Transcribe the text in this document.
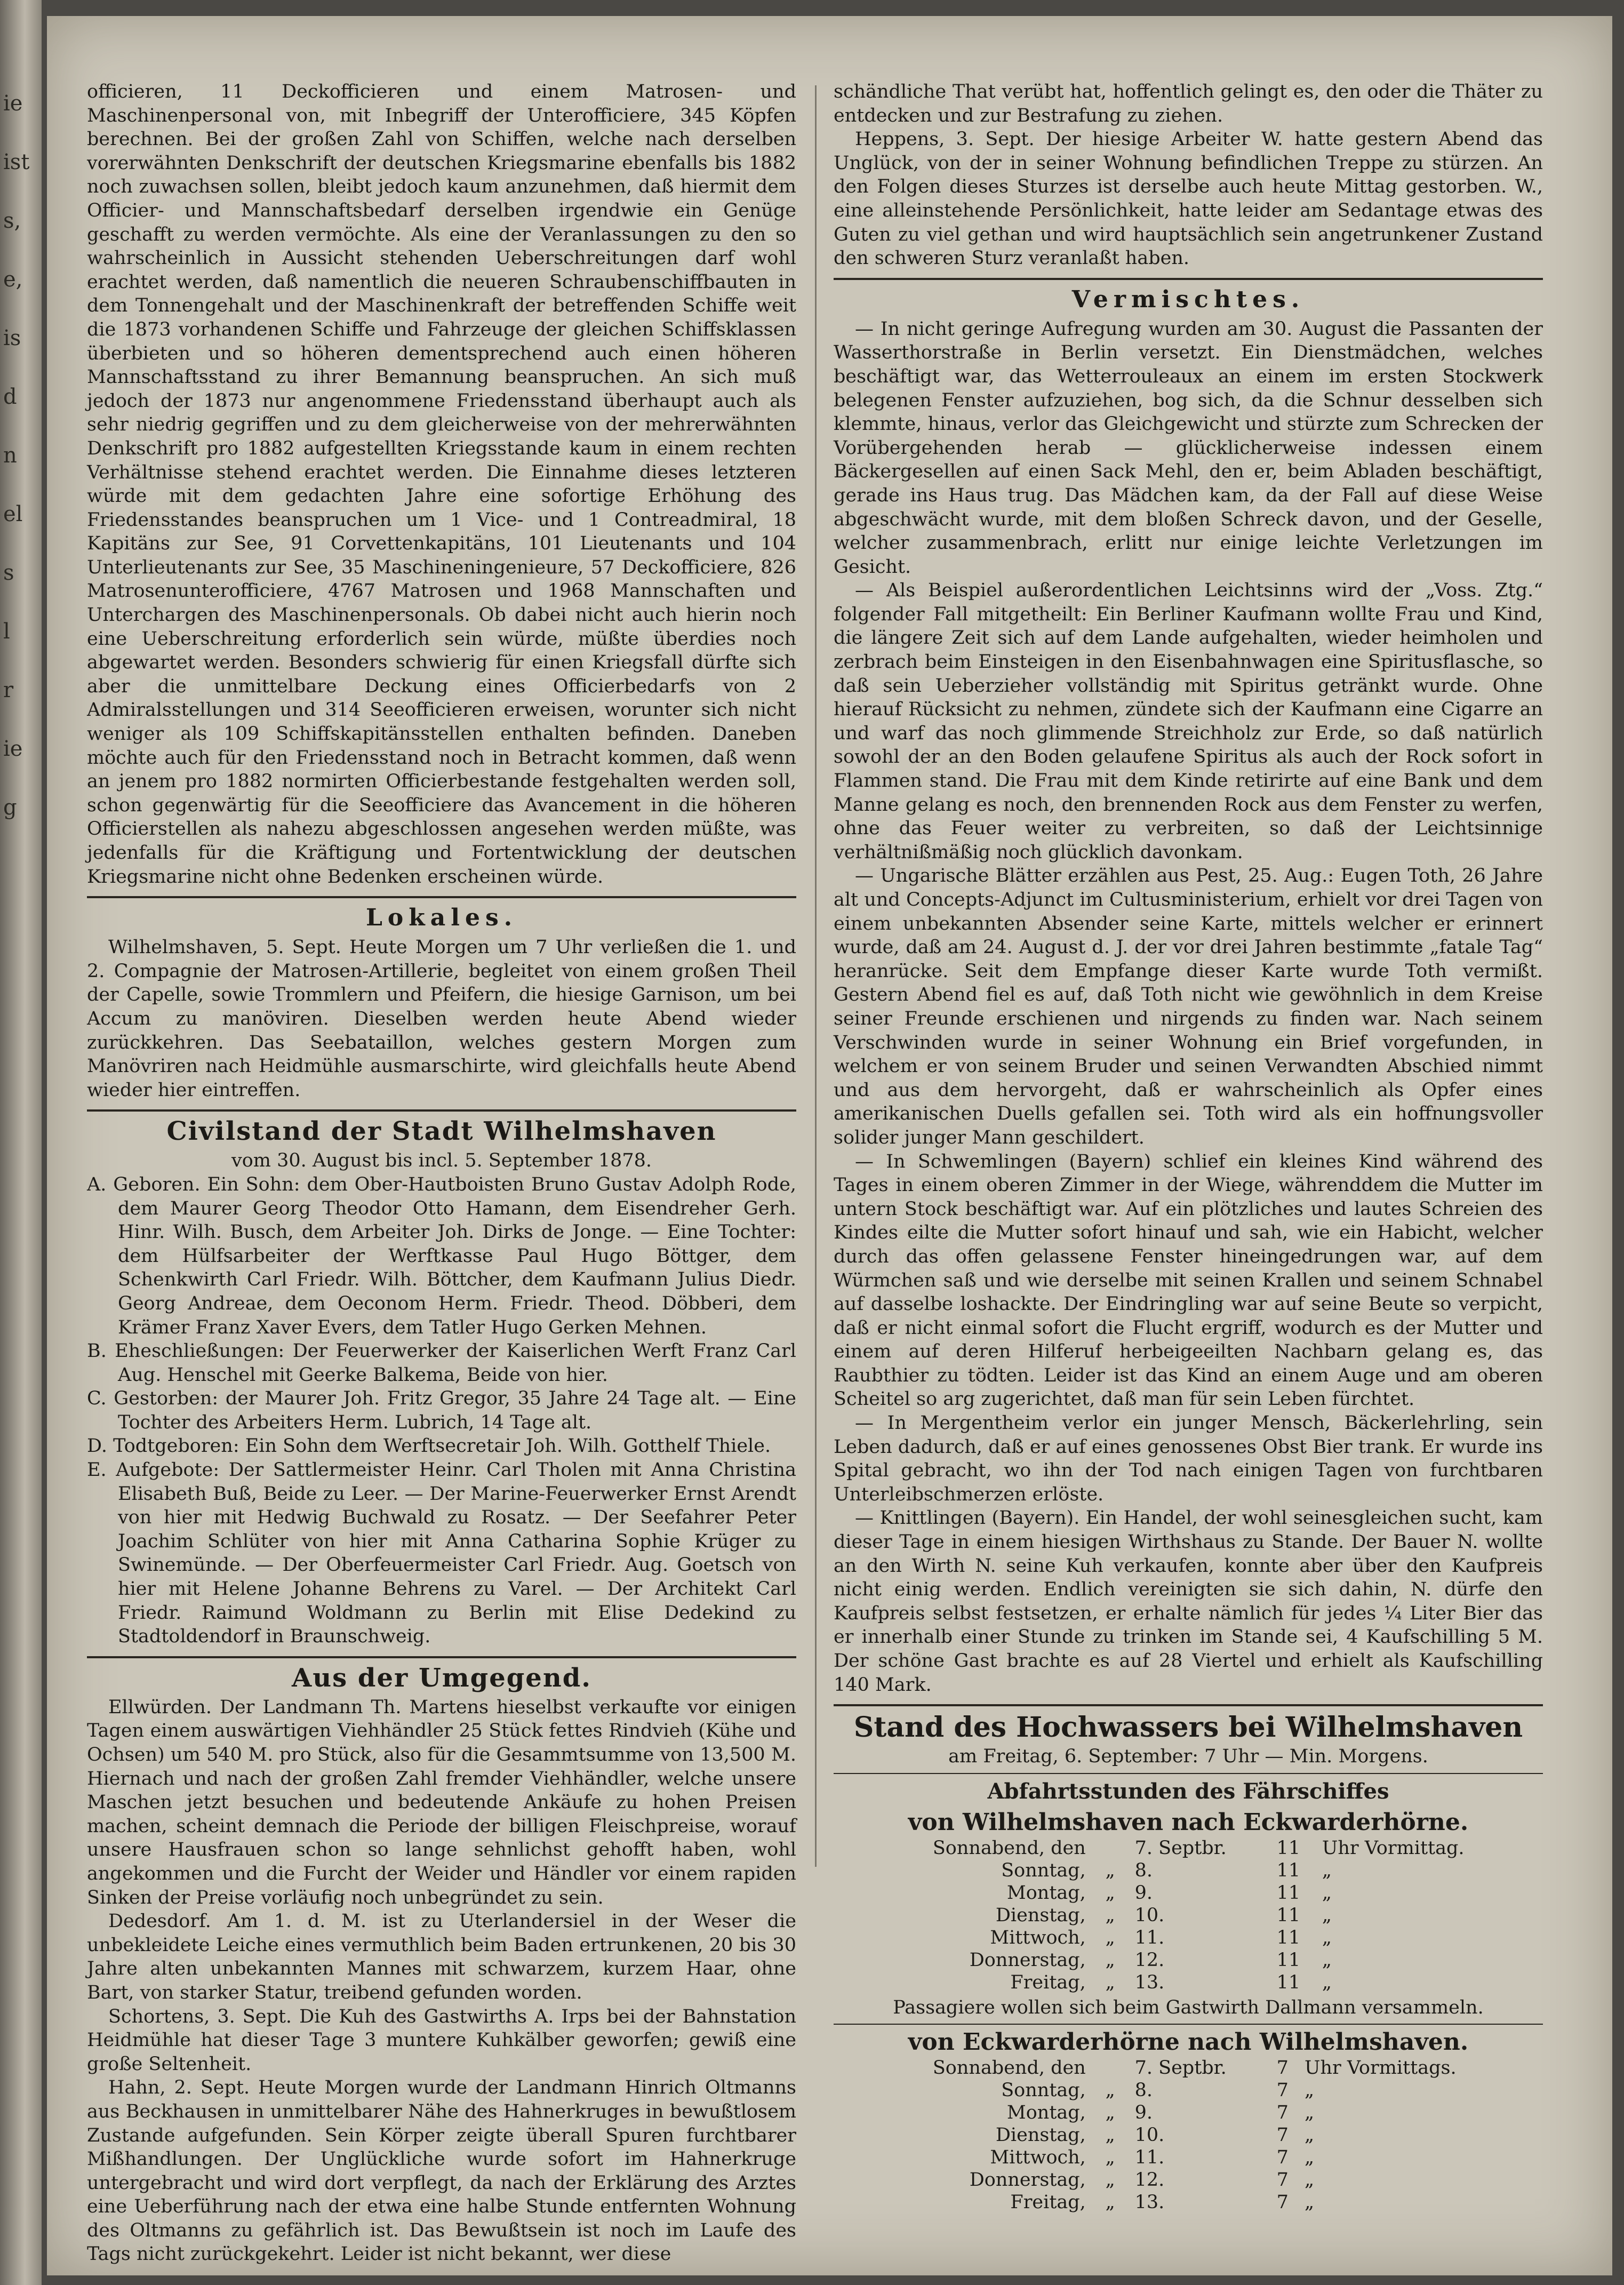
ie
ist
s,
e,
is
d
n
el
s
l
r
ie
g

officieren, 11 Deckofficieren und einem Matrosen- und Maschinenpersonal von, mit Inbegriff der Unterofficiere, 345 Köpfen berechnen. Bei der großen Zahl von Schiffen, welche nach derselben vorerwähnten Denkschrift der deutschen Kriegsmarine ebenfalls bis 1882 noch zuwachsen sollen, bleibt jedoch kaum anzunehmen, daß hiermit dem Officier- und Mannschaftsbedarf derselben irgendwie ein Genüge geschafft zu werden vermöchte. Als eine der Veranlassungen zu den so wahrscheinlich in Aussicht stehenden Ueberschreitungen darf wohl erachtet werden, daß namentlich die neueren Schraubenschiffbauten in dem Tonnengehalt und der Maschinenkraft der betreffenden Schiffe weit die 1873 vorhandenen Schiffe und Fahrzeuge der gleichen Schiffsklassen überbieten und so höheren dementsprechend auch einen höheren Mannschaftsstand zu ihrer Bemannung beanspruchen. An sich muß jedoch der 1873 nur angenommene Friedensstand überhaupt auch als sehr niedrig gegriffen und zu dem gleicherweise von der mehrerwähnten Denkschrift pro 1882 aufgestellten Kriegsstande kaum in einem rechten Verhältnisse stehend erachtet werden. Die Einnahme dieses letzteren würde mit dem gedachten Jahre eine sofortige Erhöhung des Friedensstandes beanspruchen um 1 Vice- und 1 Contreadmiral, 18 Kapitäns zur See, 91 Corvettenkapitäns, 101 Lieutenants und 104 Unterlieutenants zur See, 35 Maschineningenieure, 57 Deckofficiere, 826 Matrosenunterofficiere, 4767 Matrosen und 1968 Mannschaften und Unterchargen des Maschinenpersonals. Ob dabei nicht auch hierin noch eine Ueberschreitung erforderlich sein würde, müßte überdies noch abgewartet werden. Besonders schwierig für einen Kriegsfall dürfte sich aber die unmittelbare Deckung eines Officierbedarfs von 2 Admiralsstellungen und 314 Seeofficieren erweisen, worunter sich nicht weniger als 109 Schiffskapitänsstellen enthalten befinden. Daneben möchte auch für den Friedensstand noch in Betracht kommen, daß wenn an jenem pro 1882 normirten Officierbestande festgehalten werden soll, schon gegenwärtig für die Seeofficiere das Avancement in die höheren Officierstellen als nahezu abgeschlossen angesehen werden müßte, was jedenfalls für die Kräftigung und Fortentwicklung der deutschen Kriegsmarine nicht ohne Bedenken erscheinen würde.

Lokales.

Wilhelmshaven, 5. Sept. Heute Morgen um 7 Uhr verließen die 1. und 2. Compagnie der Matrosen-Artillerie, begleitet von einem großen Theil der Capelle, sowie Trommlern und Pfeifern, die hiesige Garnison, um bei Accum zu manöviren. Dieselben werden heute Abend wieder zurückkehren. Das Seebataillon, welches gestern Morgen zum Manövriren nach Heidmühle ausmarschirte, wird gleichfalls heute Abend wieder hier eintreffen.

Civilstand der Stadt Wilhelmshaven

vom 30. August bis incl. 5. September 1878.

A. Geboren. Ein Sohn: dem Ober-Hautboisten Bruno Gustav Adolph Rode, dem Maurer Georg Theodor Otto Hamann, dem Eisendreher Gerh. Hinr. Wilh. Busch, dem Arbeiter Joh. Dirks de Jonge. — Eine Tochter: dem Hülfsarbeiter der Werftkasse Paul Hugo Böttger, dem Schenkwirth Carl Friedr. Wilh. Böttcher, dem Kaufmann Julius Diedr. Georg Andreae, dem Oeconom Herm. Friedr. Theod. Döbberi, dem Krämer Franz Xaver Evers, dem Tatler Hugo Gerken Mehnen.

B. Eheschließungen: Der Feuerwerker der Kaiserlichen Werft Franz Carl Aug. Henschel mit Geerke Balkema, Beide von hier.

C. Gestorben: der Maurer Joh. Fritz Gregor, 35 Jahre 24 Tage alt. — Eine Tochter des Arbeiters Herm. Lubrich, 14 Tage alt.

D. Todtgeboren: Ein Sohn dem Werftsecretair Joh. Wilh. Gotthelf Thiele.

E. Aufgebote: Der Sattlermeister Heinr. Carl Tholen mit Anna Christina Elisabeth Buß, Beide zu Leer. — Der Marine-Feuerwerker Ernst Arendt von hier mit Hedwig Buchwald zu Rosatz. — Der Seefahrer Peter Joachim Schlüter von hier mit Anna Catharina Sophie Krüger zu Swinemünde. — Der Oberfeuermeister Carl Friedr. Aug. Goetsch von hier mit Helene Johanne Behrens zu Varel. — Der Architekt Carl Friedr. Raimund Woldmann zu Berlin mit Elise Dedekind zu Stadtoldendorf in Braunschweig.

Aus der Umgegend.

Ellwürden. Der Landmann Th. Martens hieselbst verkaufte vor einigen Tagen einem auswärtigen Viehhändler 25 Stück fettes Rindvieh (Kühe und Ochsen) um 540 M. pro Stück, also für die Gesammtsumme von 13,500 M. Hiernach und nach der großen Zahl fremder Viehhändler, welche unsere Maschen jetzt besuchen und bedeutende Ankäufe zu hohen Preisen machen, scheint demnach die Periode der billigen Fleischpreise, worauf unsere Hausfrauen schon so lange sehnlichst gehofft haben, wohl angekommen und die Furcht der Weider und Händler vor einem rapiden Sinken der Preise vorläufig noch unbegründet zu sein.

Dedesdorf. Am 1. d. M. ist zu Uterlandersiel in der Weser die unbekleidete Leiche eines vermuthlich beim Baden ertrunkenen, 20 bis 30 Jahre alten unbekannten Mannes mit schwarzem, kurzem Haar, ohne Bart, von starker Statur, treibend gefunden worden.

Schortens, 3. Sept. Die Kuh des Gastwirths A. Irps bei der Bahnstation Heidmühle hat dieser Tage 3 muntere Kuhkälber geworfen; gewiß eine große Seltenheit.

Hahn, 2. Sept. Heute Morgen wurde der Landmann Hinrich Oltmanns aus Beckhausen in unmittelbarer Nähe des Hahnerkruges in bewußtlosem Zustande aufgefunden. Sein Körper zeigte überall Spuren furchtbarer Mißhandlungen. Der Unglückliche wurde sofort im Hahnerkruge untergebracht und wird dort verpflegt, da nach der Erklärung des Arztes eine Ueberführung nach der etwa eine halbe Stunde entfernten Wohnung des Oltmanns zu gefährlich ist. Das Bewußtsein ist noch im Laufe des Tags nicht zurückgekehrt. Leider ist nicht bekannt, wer diese

schändliche That verübt hat, hoffentlich gelingt es, den oder die Thäter zu entdecken und zur Bestrafung zu ziehen.

Heppens, 3. Sept. Der hiesige Arbeiter W. hatte gestern Abend das Unglück, von der in seiner Wohnung befindlichen Treppe zu stürzen. An den Folgen dieses Sturzes ist derselbe auch heute Mittag gestorben. W., eine alleinstehende Persönlichkeit, hatte leider am Sedantage etwas des Guten zu viel gethan und wird hauptsächlich sein angetrunkener Zustand den schweren Sturz veranlaßt haben.

Vermischtes.

— In nicht geringe Aufregung wurden am 30. August die Passanten der Wasserthorstraße in Berlin versetzt. Ein Dienstmädchen, welches beschäftigt war, das Wetterrouleaux an einem im ersten Stockwerk belegenen Fenster aufzuziehen, bog sich, da die Schnur desselben sich klemmte, hinaus, verlor das Gleichgewicht und stürzte zum Schrecken der Vorübergehenden herab — glücklicherweise indessen einem Bäckergesellen auf einen Sack Mehl, den er, beim Abladen beschäftigt, gerade ins Haus trug. Das Mädchen kam, da der Fall auf diese Weise abgeschwächt wurde, mit dem bloßen Schreck davon, und der Geselle, welcher zusammenbrach, erlitt nur einige leichte Verletzungen im Gesicht.

— Als Beispiel außerordentlichen Leichtsinns wird der „Voss. Ztg.“ folgender Fall mitgetheilt: Ein Berliner Kaufmann wollte Frau und Kind, die längere Zeit sich auf dem Lande aufgehalten, wieder heimholen und zerbrach beim Einsteigen in den Eisenbahnwagen eine Spiritusflasche, so daß sein Ueberzieher vollständig mit Spiritus getränkt wurde. Ohne hierauf Rücksicht zu nehmen, zündete sich der Kaufmann eine Cigarre an und warf das noch glimmende Streichholz zur Erde, so daß natürlich sowohl der an den Boden gelaufene Spiritus als auch der Rock sofort in Flammen stand. Die Frau mit dem Kinde retirirte auf eine Bank und dem Manne gelang es noch, den brennenden Rock aus dem Fenster zu werfen, ohne das Feuer weiter zu verbreiten, so daß der Leichtsinnige verhältnißmäßig noch glücklich davonkam.

— Ungarische Blätter erzählen aus Pest, 25. Aug.: Eugen Toth, 26 Jahre alt und Concepts-Adjunct im Cultusministerium, erhielt vor drei Tagen von einem unbekannten Absender seine Karte, mittels welcher er erinnert wurde, daß am 24. August d. J. der vor drei Jahren bestimmte „fatale Tag“ heranrücke. Seit dem Empfange dieser Karte wurde Toth vermißt. Gestern Abend fiel es auf, daß Toth nicht wie gewöhnlich in dem Kreise seiner Freunde erschienen und nirgends zu finden war. Nach seinem Verschwinden wurde in seiner Wohnung ein Brief vorgefunden, in welchem er von seinem Bruder und seinen Verwandten Abschied nimmt und aus dem hervorgeht, daß er wahrscheinlich als Opfer eines amerikanischen Duells gefallen sei. Toth wird als ein hoffnungsvoller solider junger Mann geschildert.

— In Schwemlingen (Bayern) schlief ein kleines Kind während des Tages in einem oberen Zimmer in der Wiege, währenddem die Mutter im untern Stock beschäftigt war. Auf ein plötzliches und lautes Schreien des Kindes eilte die Mutter sofort hinauf und sah, wie ein Habicht, welcher durch das offen gelassene Fenster hineingedrungen war, auf dem Würmchen saß und wie derselbe mit seinen Krallen und seinem Schnabel auf dasselbe loshackte. Der Eindringling war auf seine Beute so verpicht, daß er nicht einmal sofort die Flucht ergriff, wodurch es der Mutter und einem auf deren Hilferuf herbeigeeilten Nachbarn gelang es, das Raubthier zu tödten. Leider ist das Kind an einem Auge und am oberen Scheitel so arg zugerichtet, daß man für sein Leben fürchtet.

— In Mergentheim verlor ein junger Mensch, Bäckerlehrling, sein Leben dadurch, daß er auf eines genossenes Obst Bier trank. Er wurde ins Spital gebracht, wo ihn der Tod nach einigen Tagen von furchtbaren Unterleibschmerzen erlöste.

— Knittlingen (Bayern). Ein Handel, der wohl seinesgleichen sucht, kam dieser Tage in einem hiesigen Wirthshaus zu Stande. Der Bauer N. wollte an den Wirth N. seine Kuh verkaufen, konnte aber über den Kaufpreis nicht einig werden. Endlich vereinigten sie sich dahin, N. dürfe den Kaufpreis selbst festsetzen, er erhalte nämlich für jedes ¼ Liter Bier das er innerhalb einer Stunde zu trinken im Stande sei, 4 Kaufschilling 5 M. Der schöne Gast brachte es auf 28 Viertel und erhielt als Kaufschilling 140 Mark.

Stand des Hochwassers bei Wilhelmshaven

am Freitag, 6. September: 7 Uhr — Min. Morgens.

Abfahrtsstunden des Fährschiffes
von Wilhelmshaven nach Eckwarderhörne.
Sonnabend, den		7. Septbr.	11	Uhr Vormittag.
Sonntag,	„	8.	11	„
Montag,	„	9.	11	„
Dienstag,	„	10.	11	„
Mittwoch,	„	11.	11	„
Donnerstag,	„	12.	11	„
Freitag,	„	13.	11	„

Passagiere wollen sich beim Gastwirth Dallmann versammeln.

von Eckwarderhörne nach Wilhelmshaven.
Sonnabend, den		7. Septbr.	7	Uhr Vormittags.
Sonntag,	„	8.	7	„
Montag,	„	9.	7	„
Dienstag,	„	10.	7	„
Mittwoch,	„	11.	7	„
Donnerstag,	„	12.	7	„
Freitag,	„	13.	7	„
